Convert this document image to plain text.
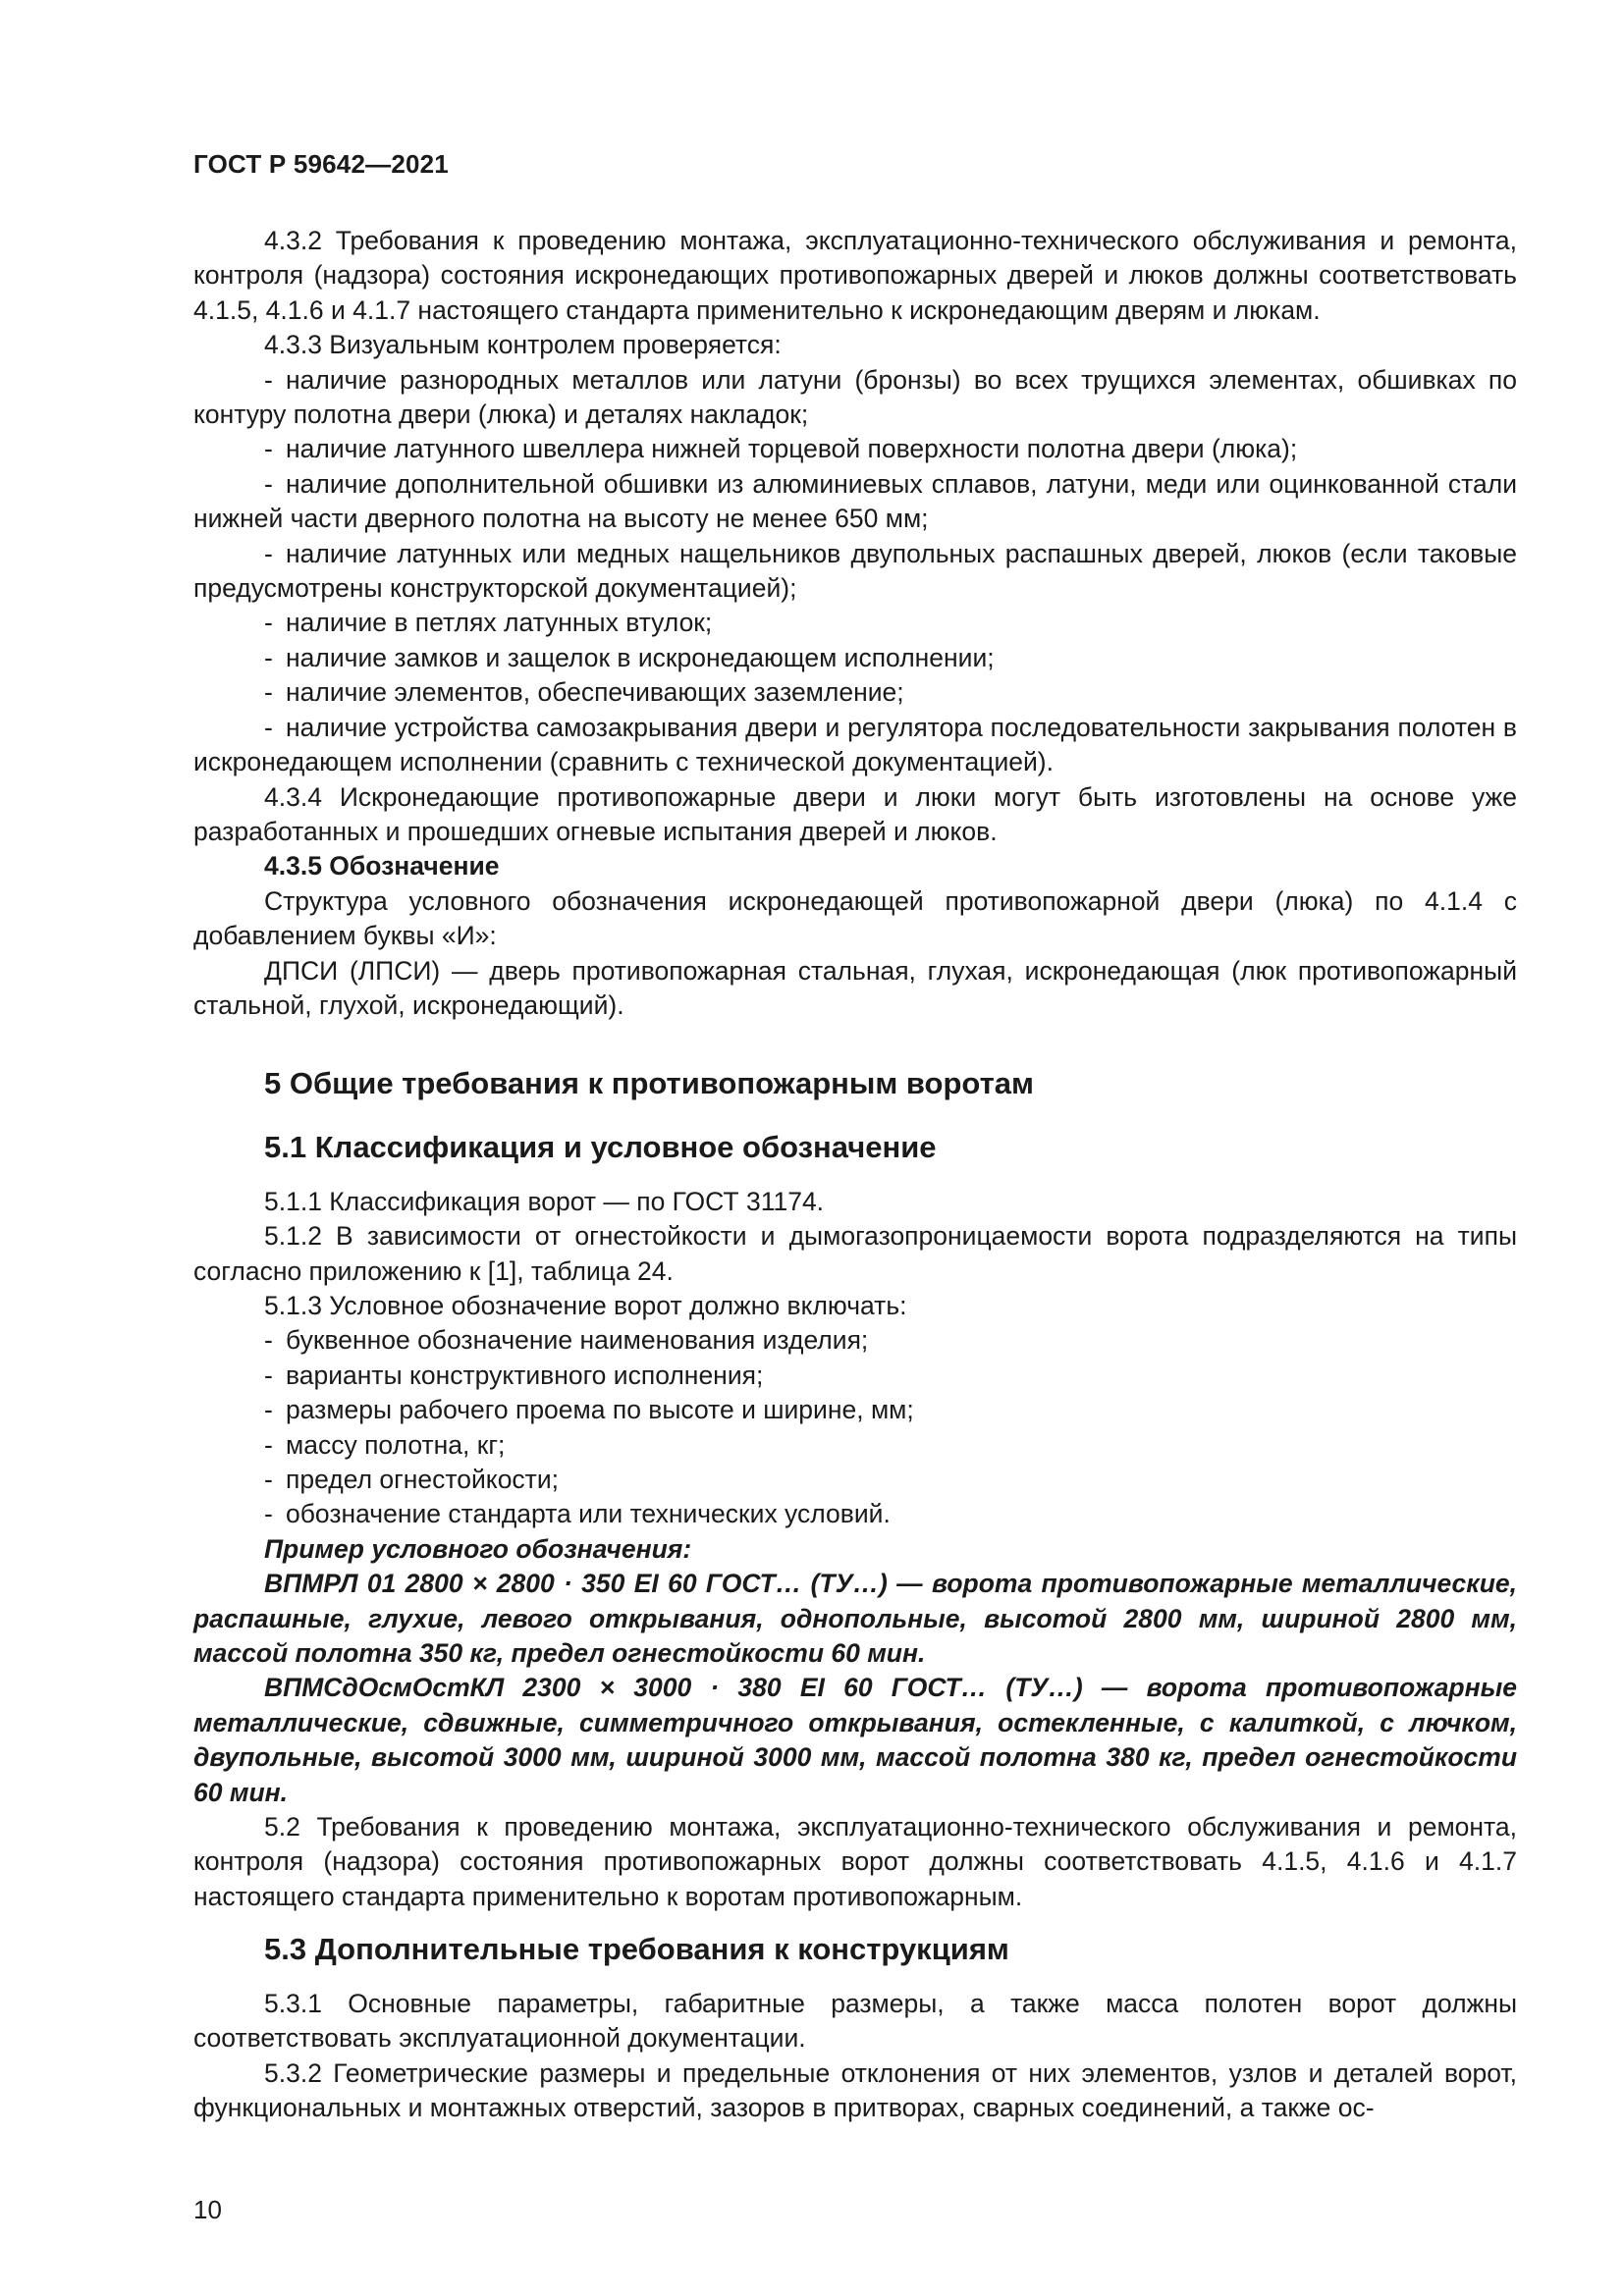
ГОСТ Р 59642—2021

4.3.2 Требования к проведению монтажа, эксплуатационно-технического обслуживания и ремонта, контроля (надзора) состояния искронедающих противопожарных дверей и люков должны соответствовать 4.1.5, 4.1.6 и 4.1.7 настоящего стандарта применительно к искронедающим дверям и люкам.

4.3.3 Визуальным контролем проверяется:

- наличие разнородных металлов или латуни (бронзы) во всех трущихся элементах, обшивках по контуру полотна двери (люка) и деталях накладок;

- наличие латунного швеллера нижней торцевой поверхности полотна двери (люка);

- наличие дополнительной обшивки из алюминиевых сплавов, латуни, меди или оцинкованной стали нижней части дверного полотна на высоту не менее 650 мм;

- наличие латунных или медных нащельников двупольных распашных дверей, люков (если таковые предусмотрены конструкторской документацией);

- наличие в петлях латунных втулок;

- наличие замков и защелок в искронедающем исполнении;

- наличие элементов, обеспечивающих заземление;

- наличие устройства самозакрывания двери и регулятора последовательности закрывания полотен в искронедающем исполнении (сравнить с технической документацией).

4.3.4 Искронедающие противопожарные двери и люки могут быть изготовлены на основе уже разработанных и прошедших огневые испытания дверей и люков.

4.3.5 Обозначение

Структура условного обозначения искронедающей противопожарной двери (люка) по 4.1.4 с добавлением буквы «И»:

ДПСИ (ЛПСИ) — дверь противопожарная стальная, глухая, искронедающая (люк противопожарный стальной, глухой, искронедающий).

5 Общие требования к противопожарным воротам
5.1 Классификация и условное обозначение

5.1.1 Классификация ворот — по ГОСТ 31174.

5.1.2 В зависимости от огнестойкости и дымогазопроницаемости ворота подразделяются на типы согласно приложению к [1], таблица 24.

5.1.3 Условное обозначение ворот должно включать:

- буквенное обозначение наименования изделия;

- варианты конструктивного исполнения;

- размеры рабочего проема по высоте и ширине, мм;

- массу полотна, кг;

- предел огнестойкости;

- обозначение стандарта или технических условий.

Пример условного обозначения:

ВПМРЛ 01 2800 × 2800 · 350 EI 60 ГОСТ… (ТУ…) — ворота противопожарные металлические, распашные, глухие, левого открывания, однопольные, высотой 2800 мм, шириной 2800 мм, массой полотна 350 кг, предел огнестойкости 60 мин.

ВПМСдОсмОстКЛ 2300 × 3000 · 380 EI 60 ГОСТ… (ТУ…) — ворота противопожарные металлические, сдвижные, симметричного открывания, остекленные, с калиткой, с лючком, двупольные, высотой 3000 мм, шириной 3000 мм, массой полотна 380 кг, предел огнестойкости 60 мин.

5.2 Требования к проведению монтажа, эксплуатационно-технического обслуживания и ремонта, контроля (надзора) состояния противопожарных ворот должны соответствовать 4.1.5, 4.1.6 и 4.1.7 настоящего стандарта применительно к воротам противопожарным.

5.3 Дополнительные требования к конструкциям

5.3.1 Основные параметры, габаритные размеры, а также масса полотен ворот должны соответствовать эксплуатационной документации.

5.3.2 Геометрические размеры и предельные отклонения от них элементов, узлов и деталей ворот, функциональных и монтажных отверстий, зазоров в притворах, сварных соединений, а также ос-

10
